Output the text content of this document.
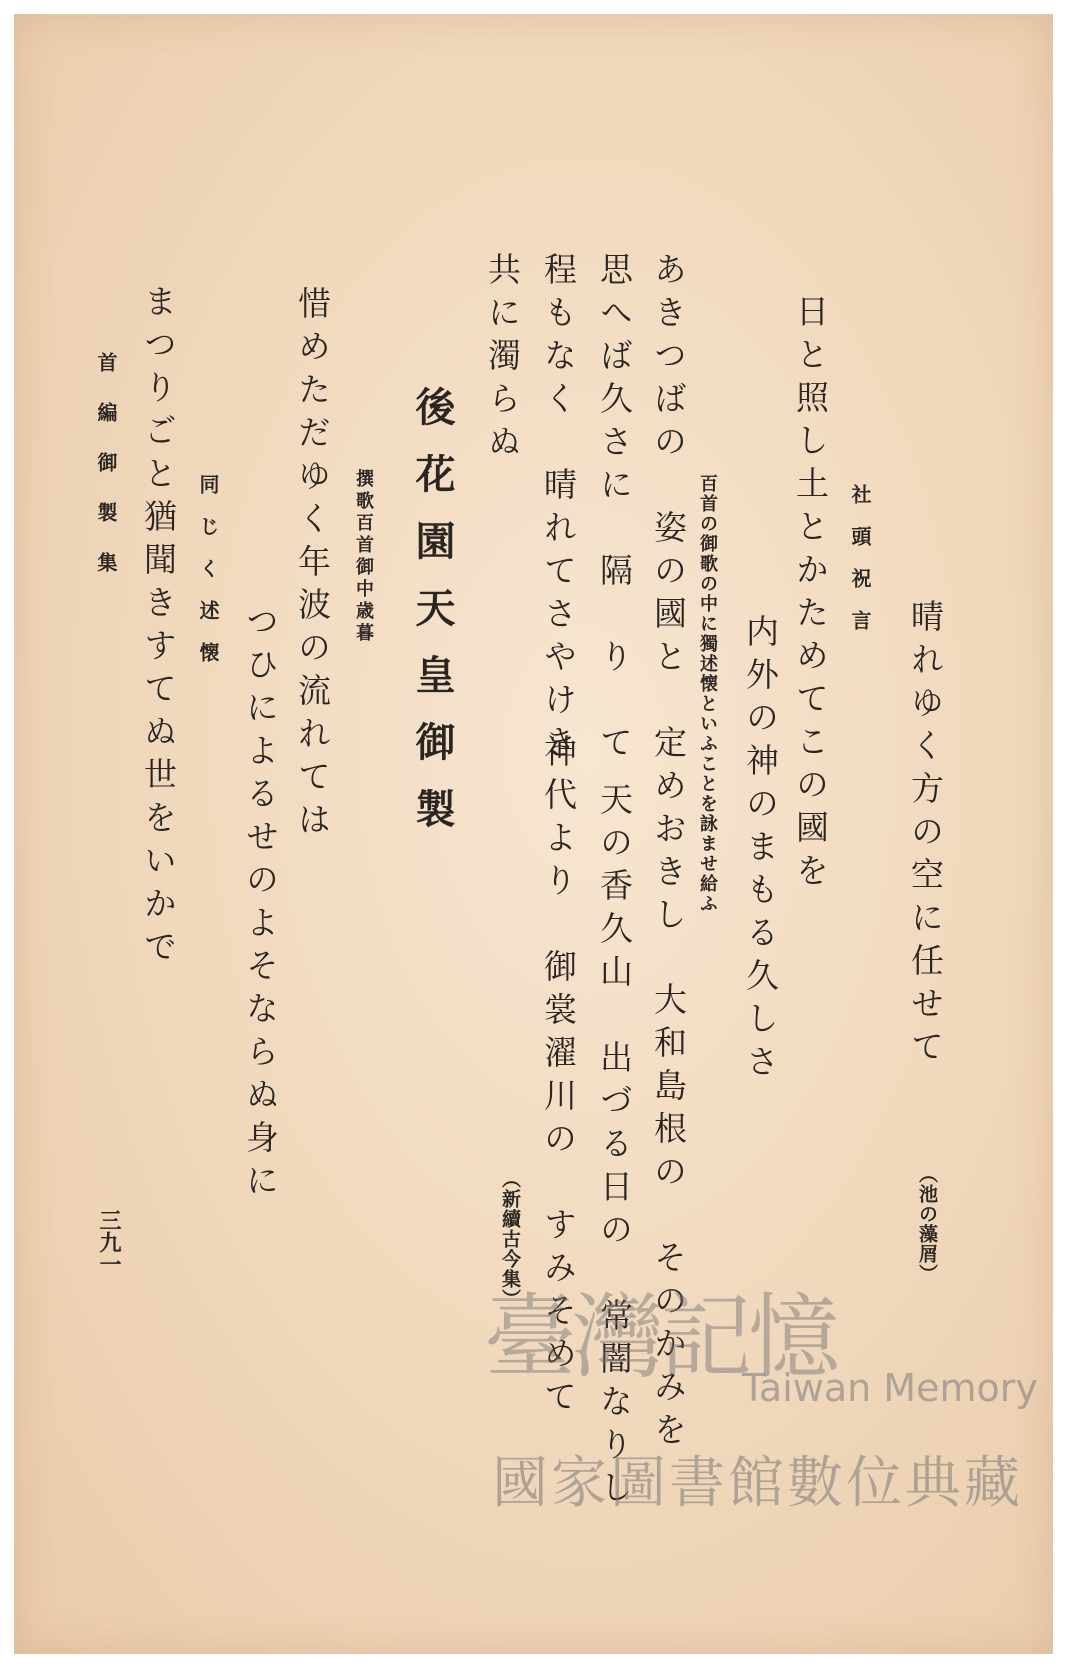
晴れゆく方の空に任せて
（池の藻屑）
社頭祝言
日と照し土とかためてこの國を
内外の神のまもる久しさ
百首の御歌の中に獨述懐といふことを詠ませ給ふ
あきつばの　姿の國と　定めおきし
大和島根の　そのかみを
思へば久さに　隔　り　て
天の香久山　出づる日の　常闇なりし
程もなく　晴れてさやけき
神代より　御裳濯川の　すみそめて
共に濁らぬ
（新續古今集）
後花園天皇御製
撰歌百首御中歳暮
惜めただゆく年波の流れては
つひによるせのよそならぬ身に
同じく述懐
まつりごと猶聞きすてぬ世をいかで
首編御製集
三九一
臺灣記憶
Taiwan Memory
國家圖書館數位典藏
